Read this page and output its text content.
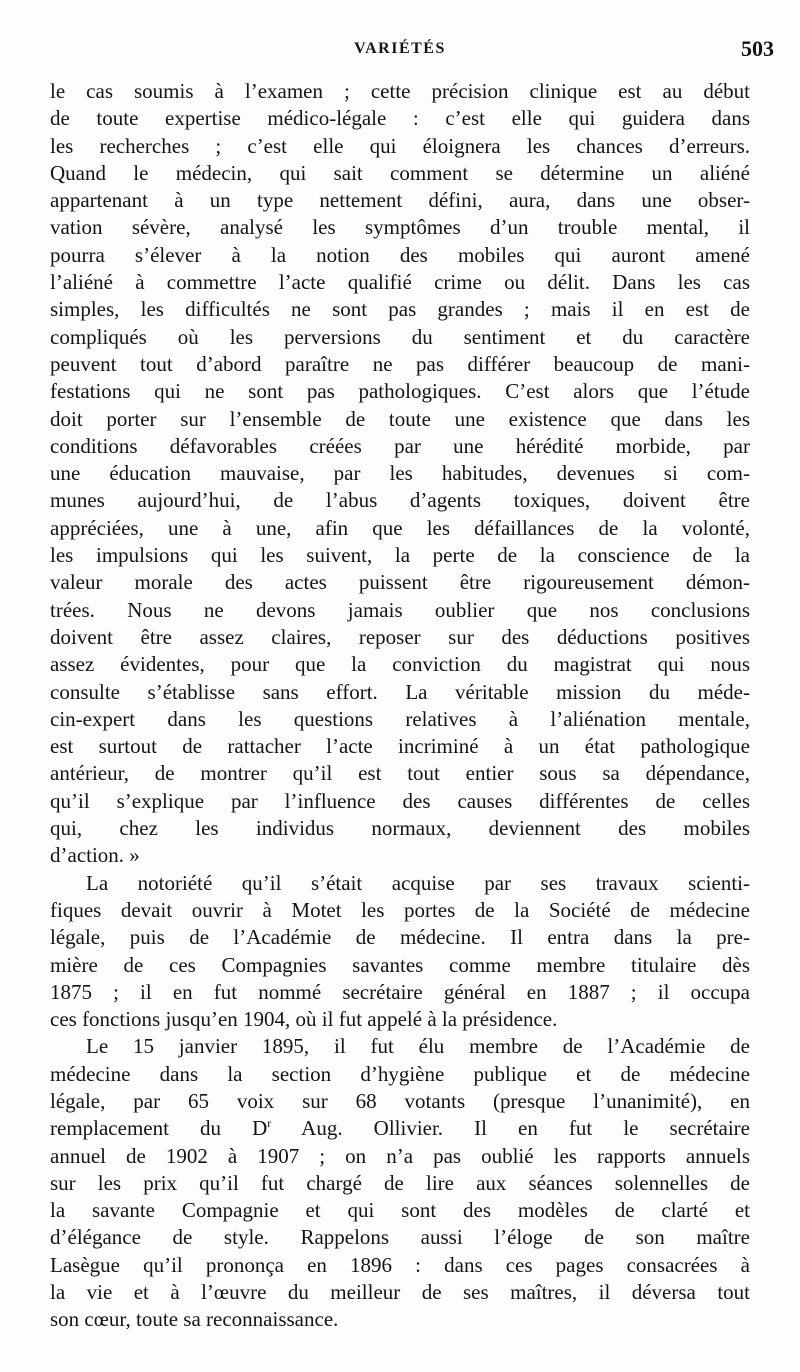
VARIÉTÉS	503
le cas soumis à l’examen ; cette précision clinique est au début
de toute expertise médico-légale : c’est elle qui guidera dans
les recherches ; c’est elle qui éloignera les chances d’erreurs.
Quand le médecin, qui sait comment se détermine un aliéné
appartenant à un type nettement défini, aura, dans une obser-
vation sévère, analysé les symptômes d’un trouble mental, il
pourra s’élever à la notion des mobiles qui auront amené
l’aliéné à commettre l’acte qualifié crime ou délit. Dans les cas
simples, les difficultés ne sont pas grandes ; mais il en est de
compliqués où les perversions du sentiment et du caractère
peuvent tout d’abord paraître ne pas différer beaucoup de mani-
festations qui ne sont pas pathologiques. C’est alors que l’étude
doit porter sur l’ensemble de toute une existence que dans les
conditions défavorables créées par une hérédité morbide, par
une éducation mauvaise, par les habitudes, devenues si com-
munes aujourd’hui, de l’abus d’agents toxiques, doivent être
appréciées, une à une, afin que les défaillances de la volonté,
les impulsions qui les suivent, la perte de la conscience de la
valeur morale des actes puissent être rigoureusement démon-
trées. Nous ne devons jamais oublier que nos conclusions
doivent être assez claires, reposer sur des déductions positives
assez évidentes, pour que la conviction du magistrat qui nous
consulte s’établisse sans effort. La véritable mission du méde-
cin-expert dans les questions relatives à l’aliénation mentale,
est surtout de rattacher l’acte incriminé à un état pathologique
antérieur, de montrer qu’il est tout entier sous sa dépendance,
qu’il s’explique par l’influence des causes différentes de celles
qui, chez les individus normaux, deviennent des mobiles
d’action. »
La notoriété qu’il s’était acquise par ses travaux scienti-
fiques devait ouvrir à Motet les portes de la Société de médecine
légale, puis de l’Académie de médecine. Il entra dans la pre-
mière de ces Compagnies savantes comme membre titulaire dès
1875 ; il en fut nommé secrétaire général en 1887 ; il occupa
ces fonctions jusqu’en 1904, où il fut appelé à la présidence.
Le 15 janvier 1895, il fut élu membre de l’Académie de
médecine dans la section d’hygiène publique et de médecine
légale, par 65 voix sur 68 votants (presque l’unanimité), en
remplacement du $D^r$ Aug. Ollivier. Il en fut le secrétaire
annuel de 1902 à 1907 ; on n’a pas oublié les rapports annuels
sur les prix qu’il fut chargé de lire aux séances solennelles de
la savante Compagnie et qui sont des modèles de clarté et
d’élégance de style. Rappelons aussi l’éloge de son maître
Lasègue qu’il prononça en 1896 : dans ces pages consacrées à
la vie et à l’œuvre du meilleur de ses maîtres, il déversa tout
son cœur, toute sa reconnaissance.
